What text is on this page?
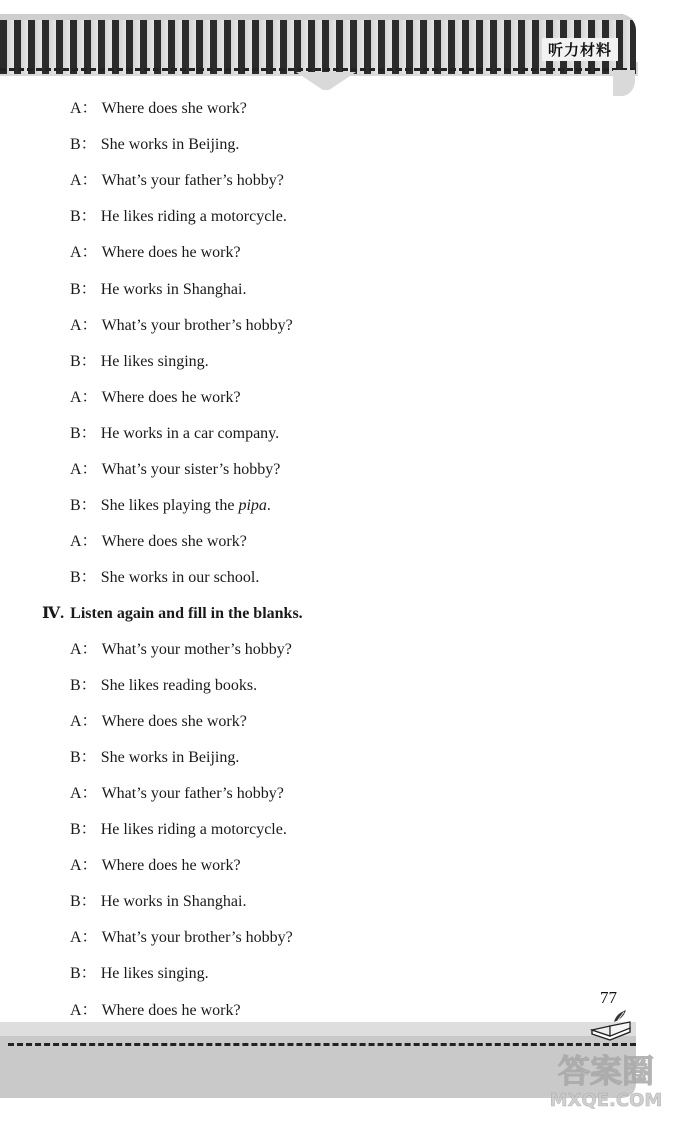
听力材料
Ⅳ. Listen again and fill in the blanks.
A： Where does she work?
B： She works in Beijing.
A： What’s your father’s hobby?
B： He likes riding a motorcycle.
A： Where does he work?
B： He works in Shanghai.
A： What’s your brother’s hobby?
B： He likes singing.
A： Where does he work?
B： He works in a car company.
A： What’s your sister’s hobby?
B： She likes playing the pipa.
A： Where does she work?
B： She works in our school.
A： What’s your mother’s hobby?
B： She likes reading books.
A： Where does she work?
B： She works in Beijing.
A： What’s your father’s hobby?
B： He likes riding a motorcycle.
A： Where does he work?
B： He works in Shanghai.
A： What’s your brother’s hobby?
B： He likes singing.
A： Where does he work?
77
答案圈
MXQE.COM
